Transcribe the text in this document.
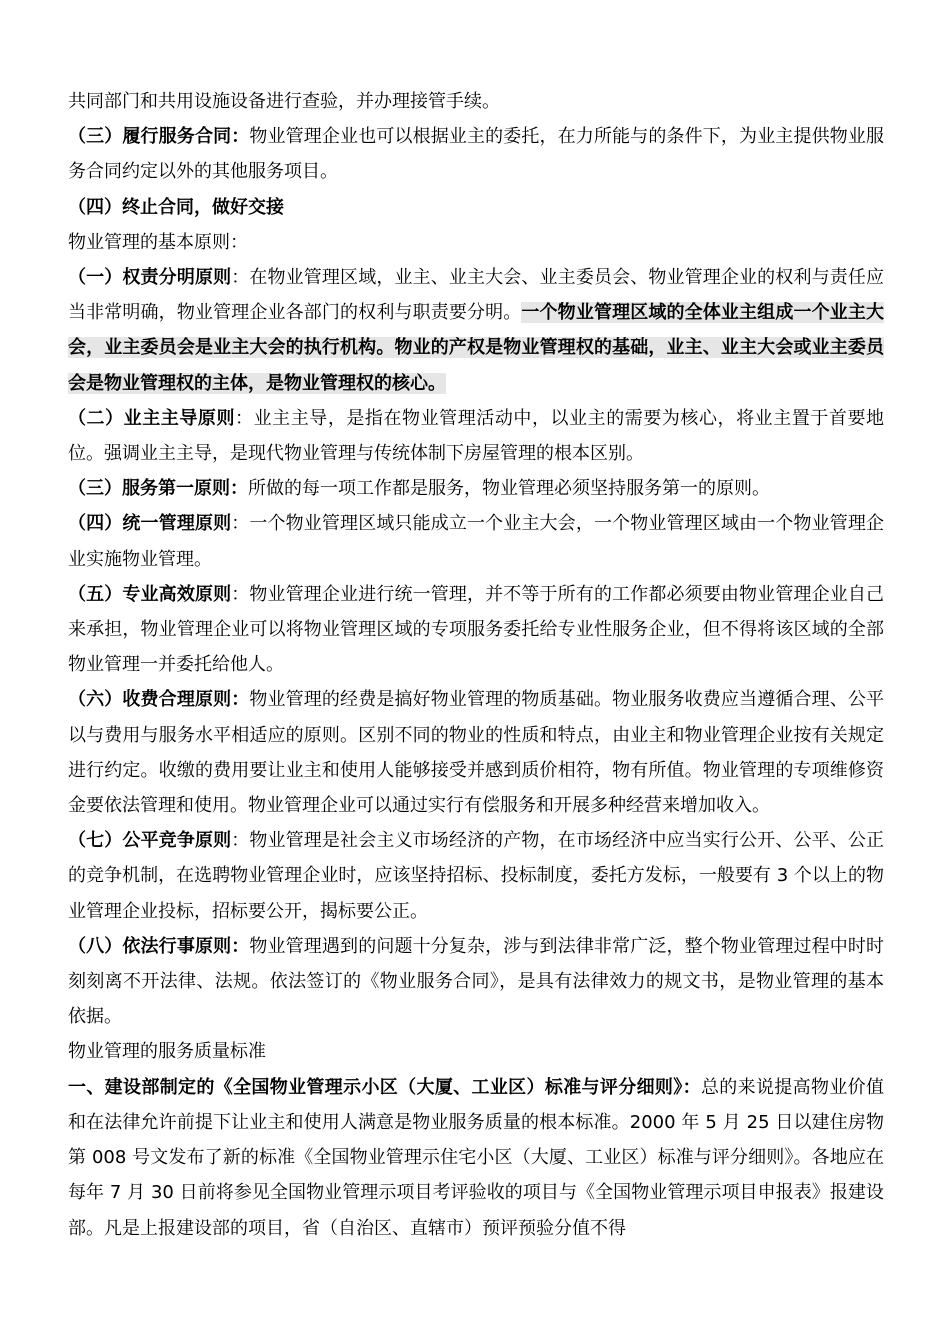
共同部门和共用设施设备进行查验，并办理接管手续。

（三）履行服务合同：物业管理企业也可以根据业主的委托，在力所能与的条件下，为业主提供物业服务合同约定以外的其他服务项目。

（四）终止合同，做好交接

物业管理的基本原则：

（一）权责分明原则：在物业管理区域，业主、业主大会、业主委员会、物业管理企业的权利与责任应当非常明确，物业管理企业各部门的权利与职责要分明。一个物业管理区域的全体业主组成一个业主大会，业主委员会是业主大会的执行机构。物业的产权是物业管理权的基础，业主、业主大会或业主委员会是物业管理权的主体，是物业管理权的核心。

（二）业主主导原则：业主主导，是指在物业管理活动中，以业主的需要为核心，将业主置于首要地位。强调业主主导，是现代物业管理与传统体制下房屋管理的根本区别。

（三）服务第一原则：所做的每一项工作都是服务，物业管理必须坚持服务第一的原则。

（四）统一管理原则：一个物业管理区域只能成立一个业主大会，一个物业管理区域由一个物业管理企业实施物业管理。

（五）专业高效原则：物业管理企业进行统一管理，并不等于所有的工作都必须要由物业管理企业自己来承担，物业管理企业可以将物业管理区域的专项服务委托给专业性服务企业，但不得将该区域的全部物业管理一并委托给他人。

（六）收费合理原则：物业管理的经费是搞好物业管理的物质基础。物业服务收费应当遵循合理、公平以与费用与服务水平相适应的原则。区别不同的物业的性质和特点，由业主和物业管理企业按有关规定进行约定。收缴的费用要让业主和使用人能够接受并感到质价相符，物有所值。物业管理的专项维修资金要依法管理和使用。物业管理企业可以通过实行有偿服务和开展多种经营来增加收入。

（七）公平竞争原则：物业管理是社会主义市场经济的产物，在市场经济中应当实行公开、公平、公正的竞争机制，在选聘物业管理企业时，应该坚持招标、投标制度，委托方发标，一般要有 3 个以上的物业管理企业投标，招标要公开，揭标要公正。

（八）依法行事原则：物业管理遇到的问题十分复杂，涉与到法律非常广泛，整个物业管理过程中时时刻刻离不开法律、法规。依法签订的《物业服务合同》，是具有法律效力的规文书，是物业管理的基本依据。

物业管理的服务质量标准

一、建设部制定的《全国物业管理示小区（大厦、工业区）标准与评分细则》：总的来说提高物业价值和在法律允许前提下让业主和使用人满意是物业服务质量的根本标准。2000 年 5 月 25 日以建住房物第 008 号文发布了新的标准《全国物业管理示住宅小区（大厦、工业区）标准与评分细则》。各地应在每年 7 月 30 日前将参见全国物业管理示项目考评验收的项目与《全国物业管理示项目申报表》报建设部。凡是上报建设部的项目，省（自治区、直辖市）预评预验分值不得
